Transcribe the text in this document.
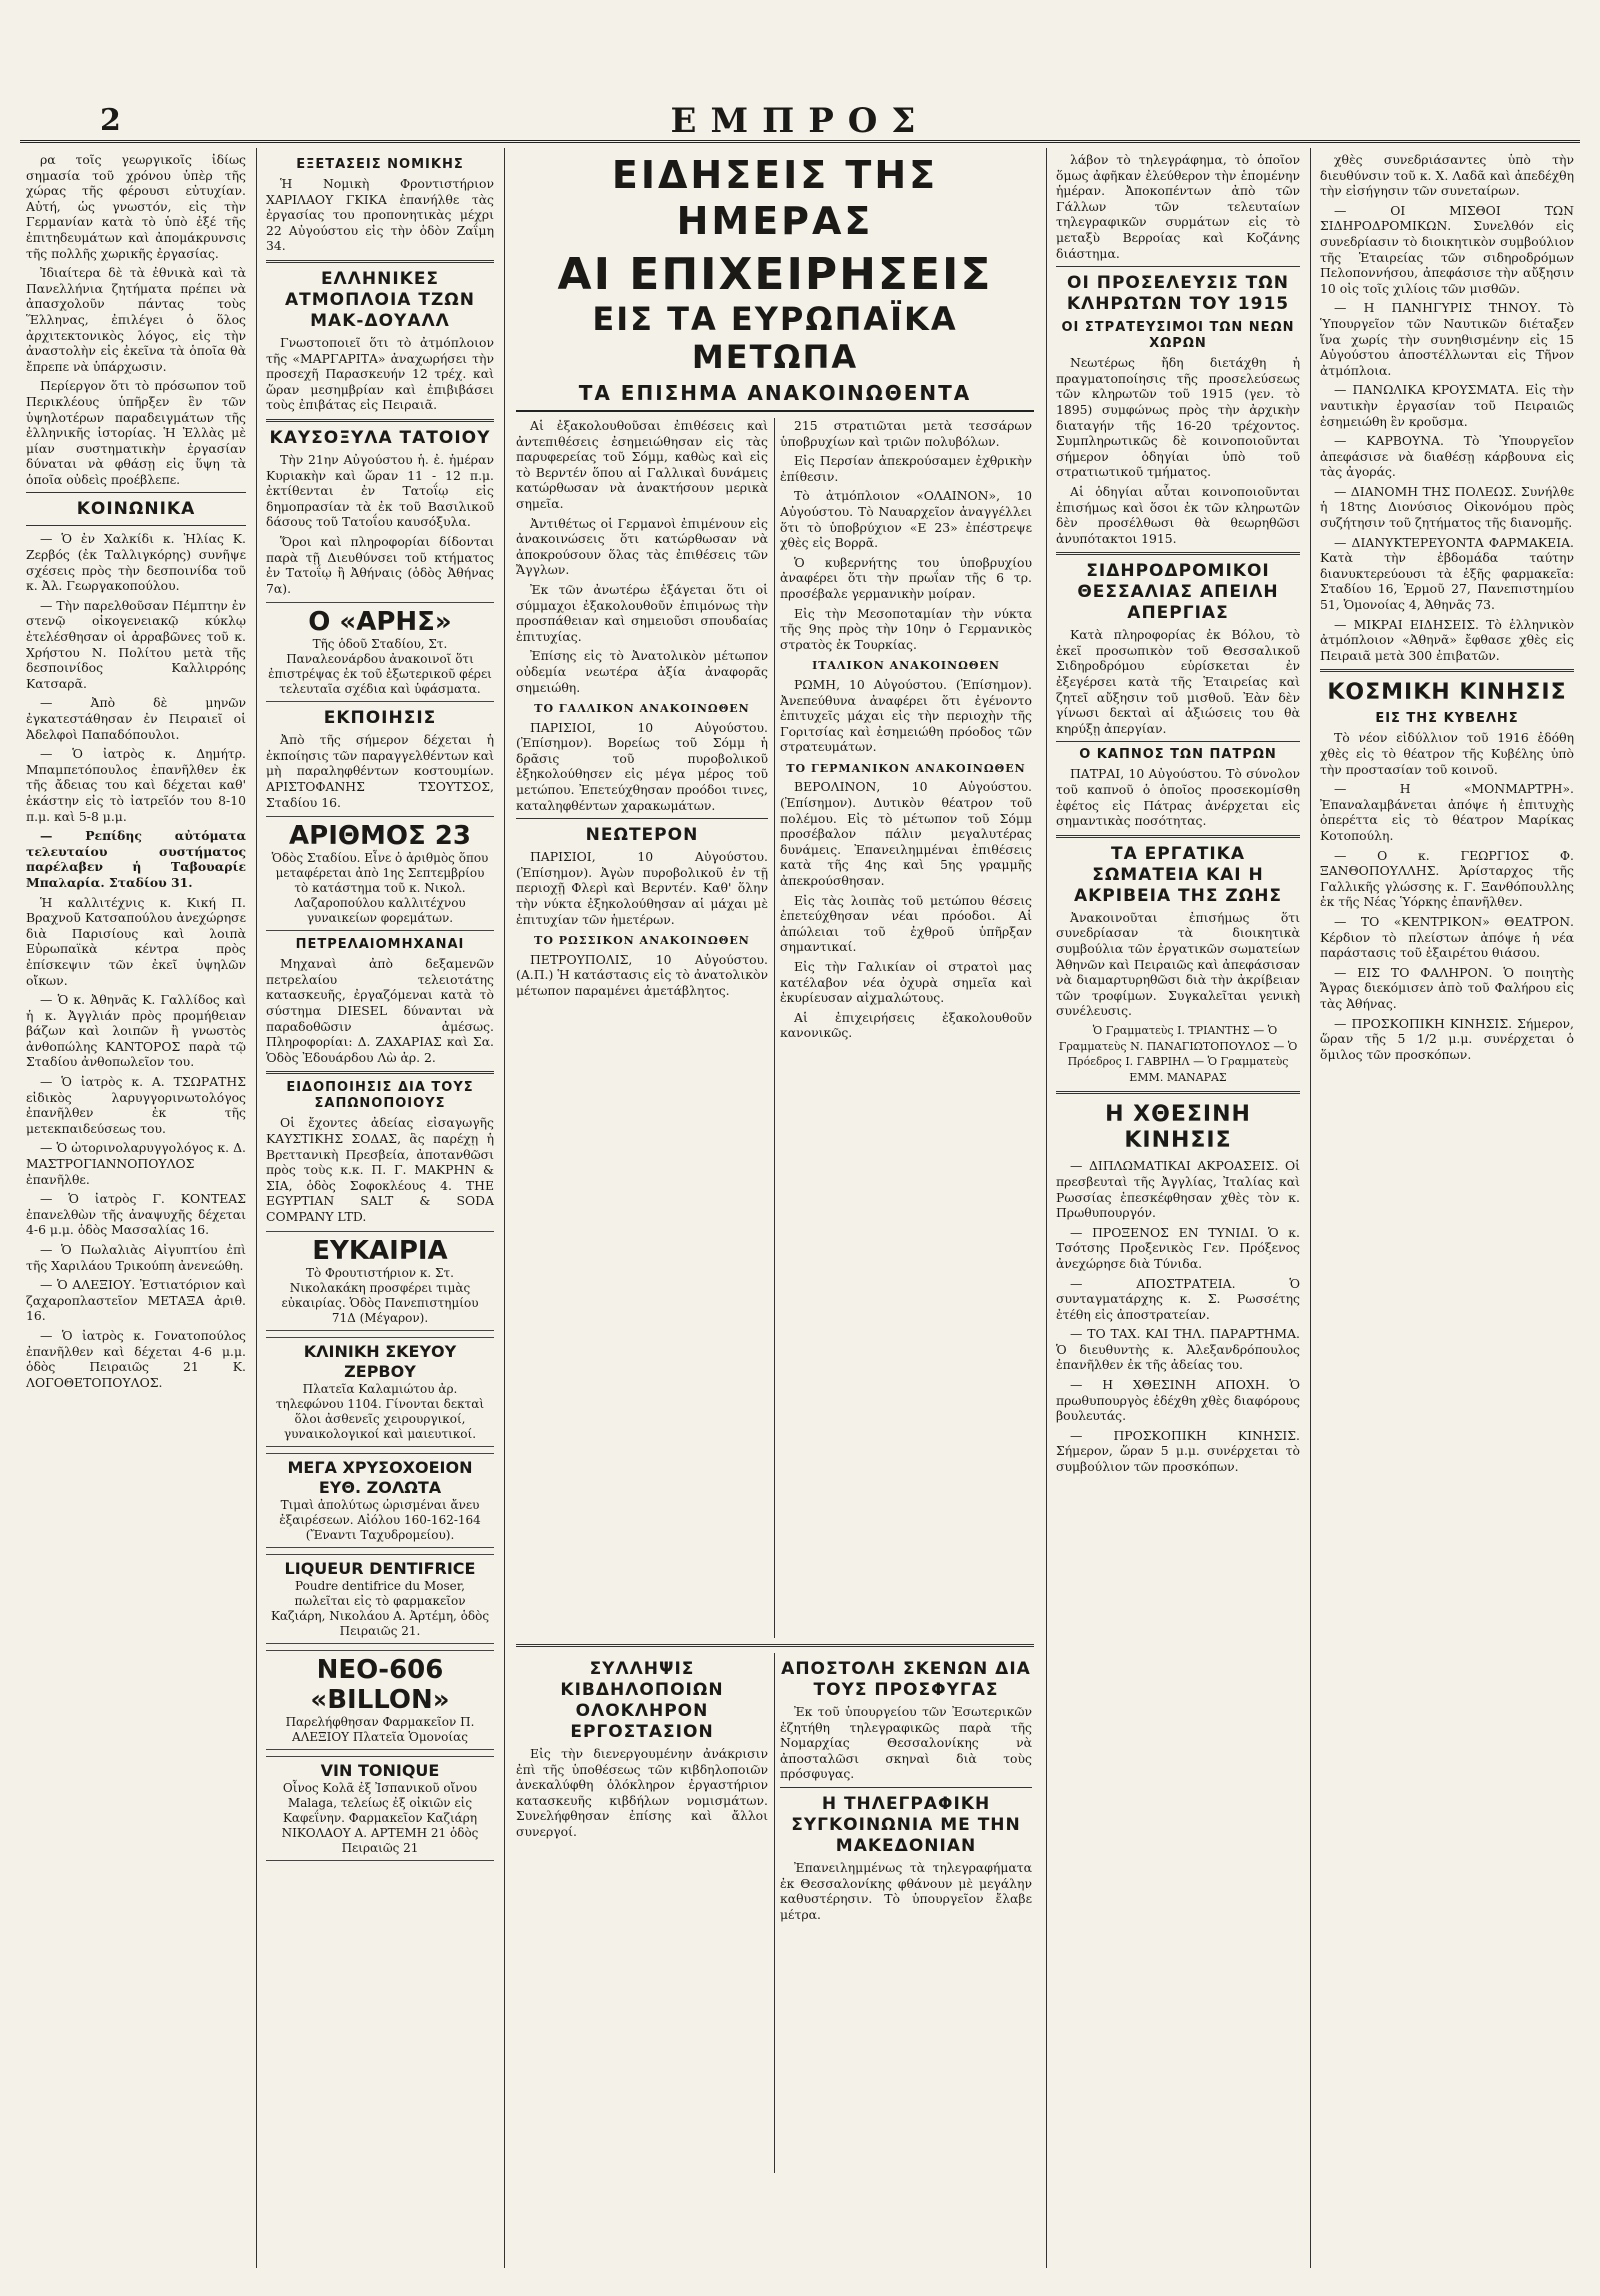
2	ΕΜΠΡΟΣ
ρα τοῖς γεωργικοῖς ἰδίως σημασία τοῦ χρόνου ὑπὲρ τῆς χώρας τῆς φέρουσι εὐτυχίαν. Αὐτή, ὡς γνωστόν, εἰς τὴν Γερμανίαν κατὰ τὸ ὑπὸ ἐξέ τῆς ἐπιτηδευμάτων καὶ ἀπομάκρυνσις τῆς πολλῆς χωρικῆς ἐργασίας.
Ἰδιαίτερα δὲ τὰ ἐθνικὰ καὶ τὰ Πανελλήνια ζητήματα πρέπει νὰ ἀπασχολοῦν πάντας τοὺς Ἕλληνας, ἐπιλέγει ὁ ὅλος ἀρχιτεκτονικὸς λόγος, εἰς τὴν ἀναστολὴν εἰς ἐκεῖνα τὰ ὁποῖα θὰ ἔπρεπε νὰ ὑπάρχωσιν.
Περίεργον ὅτι τὸ πρόσωπον τοῦ Περικλέους ὑπῆρξεν ἓν τῶν ὑψηλοτέρων παραδειγμάτων τῆς ἐλληνικῆς ἱστορίας. Ἡ Ἑλλὰς μὲ μίαν συστηματικὴν ἐργασίαν δύναται νὰ φθάσῃ εἰς ὕψη τὰ ὁποῖα οὐδεὶς προέβλεπε.
ΚΟΙΝΩΝΙΚΑ
— Ὁ ἐν Χαλκίδι κ. Ἠλίας Κ. Ζερβός (ἐκ Ταλλιγκόρης) συνῆψε σχέσεις πρὸς τὴν δεσποινίδα τοῦ κ. Ἀλ. Γεωργακοπούλου.
— Τὴν παρελθοῦσαν Πέμπτην ἐν στενῷ οἰκογενειακῷ κύκλῳ ἐτελέσθησαν οἱ ἀρραβῶνες τοῦ κ. Χρήστου Ν. Πολίτου μετὰ τῆς δεσποινίδος Καλλιρρόης Κατσαρᾶ.
— Ἀπὸ δὲ μηνῶν ἐγκατεστάθησαν ἐν Πειραιεῖ οἱ Ἀδελφοὶ Παπαδόπουλοι.
— Ὁ ἰατρὸς κ. Δημήτρ. Μπαμπετόπουλος ἐπανῆλθεν ἐκ τῆς ἄδειας του καὶ δέχεται καθ' ἑκάστην εἰς τὸ ἰατρεῖόν του 8-10 π.μ. καὶ 5-8 μ.μ.
— Ρεπίδης αὐτόματα τελευταίου συστήματος παρέλαβεν ἡ Ταβουαρίε Μπαλαρία. Σταδίου 31.
Ἡ καλλιτέχνις κ. Κική Π. Βραχνοῦ Κατσαπούλου ἀνεχώρησε διὰ Παρισίους καὶ λοιπὰ Εὐρωπαϊκὰ κέντρα πρὸς ἐπίσκεψιν τῶν ἐκεῖ ὑψηλῶν οἴκων.
— Ὁ κ. Ἀθηνᾶς Κ. Γαλλίδος καὶ ἡ κ. Ἀγγλιάν πρὸς προμήθειαν βάζων καὶ λοιπῶν ἢ γνωστὸς ἀνθοπώλης ΚΑΝΤΟΡΟΣ παρὰ τῷ Σταδίου ἀνθοπωλεῖον του.
— Ὁ ἰατρὸς κ. Α. ΤΣΩΡΑΤΗΣ εἰδικὸς λαρυγγορινωτολόγος ἐπανῆλθεν ἐκ τῆς μετεκπαιδεύσεως του.
— Ὁ ὠτορινολαρυγγολόγος κ. Δ. ΜΑΣΤΡΟΓΙΑΝΝΟΠΟΥΛΟΣ ἐπανῆλθε.
— Ὁ ἰατρὸς Γ. ΚΟΝΤΕΑΣ ἐπανελθὼν τῆς ἀναψυχῆς δέχεται 4-6 μ.μ. ὁδὸς Μασσαλίας 16.
— Ὁ Πωλαλιὰς Αἰγυπτίου ἐπὶ τῆς Χαριλάου Τρικούπη ἀνενεώθη.
— Ὁ ΑΛΕΞΙΟΥ. Ἐστιατόριον καὶ ζαχαροπλαστεῖον ΜΕΤΑΞΑ ἀριθ. 16.
— Ὁ ἰατρὸς κ. Γονατοπούλος ἐπανῆλθεν καὶ δέχεται 4-6 μ.μ. ὁδὸς Πειραιῶς 21 Κ. ΛΟΓΟΘΕΤΟΠΟΥΛΟΣ.
ΕΞΕΤΑΣΕΙΣ ΝΟΜΙΚΗΣ
Ἡ Νομικὴ Φροντιστήριον ΧΑΡΙΛΑΟΥ ΓΚΙΚΑ ἐπανήλθε τὰς ἐργασίας του προπονητικὰς μέχρι 22 Αὐγούστου εἰς τὴν ὁδὸν Ζαΐμη 34.
ΕΛΛΗΝΙΚΕΣ ΑΤΜΟΠΛΟΙΑ ΤΖΩΝ ΜΑΚ-ΔΟΥΑΛΛ
Γνωστοποιεῖ ὅτι τὸ ἀτμόπλοιον τῆς «ΜΑΡΓΑΡΙΤΑ» ἀναχωρήσει τὴν προσεχῆ Παρασκευήν 12 τρέχ. καὶ ὥραν μεσημβρίαν καὶ ἐπιβιβάσει τοὺς ἐπιβάτας εἰς Πειραιᾶ.
ΚΑΥΣΟΞΥΛΑ ΤΑΤΟΙΟΥ
Τὴν 21ην Αὐγούστου ἡ. ἐ. ἡμέραν Κυριακὴν καὶ ὥραν 11 - 12 π.μ. ἐκτίθενται ἐν Τατοΐῳ εἰς δημοπρασίαν τὰ ἐκ τοῦ Βασιλικοῦ δάσους τοῦ Τατοΐου καυσόξυλα.
Ὅροι καὶ πληροφορίαι δίδονται παρὰ τῇ Διευθύνσει τοῦ κτήματος ἐν Τατοΐῳ ἢ Ἀθήναις (ὁδὸς Ἀθήνας 7α).
Ο «ΑΡΗΣ»
Τῆς ὁδοῦ Σταδίου, Στ. Παναλεονάρδου ἀνακοινοῖ ὅτι ἐπιστρέψας ἐκ τοῦ ἐξωτερικοῦ φέρει τελευταῖα σχέδια καὶ ὑφάσματα.
ΕΚΠΟΙΗΣΙΣ
Ἀπὸ τῆς σήμερον δέχεται ἡ ἐκποίησις τῶν παραγγελθέντων καὶ μὴ παραληφθέντων κοστουμίων. ΑΡΙΣΤΟΦΑΝΗΣ ΤΣΟΥΤΣΟΣ, Σταδίου 16.
ΑΡΙΘΜΟΣ 23
Ὁδὸς Σταδίου. Εἶνε ὁ ἀριθμὸς ὅπου μεταφέρεται ἀπὸ 1ης Σεπτεμβρίου τὸ κατάστημα τοῦ κ. Νικολ. Λαζαροπούλου καλλιτέχνου γυναικείων φορεμάτων.
ΠΕΤΡΕΛΑΙΟΜΗΧΑΝΑΙ
Μηχαναὶ ἀπὸ δεξαμενῶν πετρελαίου τελειοτάτης κατασκευῆς, ἐργαζόμεναι κατὰ τὸ σύστημα DIESEL δύνανται νὰ παραδοθῶσιν ἀμέσως. Πληροφορίαι: Δ. ΖΑΧΑΡΙΑΣ καὶ Σα. Ὁδὸς Ἐδουάρδου Λὼ ἀρ. 2.
ΕΙΔΟΠΟΙΗΣΙΣ ΔΙΑ ΤΟΥΣ ΣΑΠΩΝΟΠΟΙΟΥΣ
Οἱ ἔχοντες ἀδείας εἰσαγωγῆς ΚΑΥΣΤΙΚΗΣ ΣΟΔΑΣ, ἃς παρέχῃ ἡ Βρεττανικὴ Πρεσβεία, ἀποτανθῶσι πρὸς τοὺς κ.κ. Π. Γ. ΜΑΚΡΗΝ & ΣΙΑ, ὁδὸς Σοφοκλέους 4. THE EGYPTIAN SALT & SODA COMPANY LTD.
ΕΥΚΑΙΡΙΑ
Τὸ Φρουτιστήριον κ. Στ. Νικολακάκη προσφέρει τιμὰς εὐκαιρίας. Ὁδὸς Πανεπιστημίου 71Δ (Μέγαρον).
ΚΛΙΝΙΚΗ ΣΚΕΥΟΥ ΖΕΡΒΟΥ
Πλατεῖα Καλαμιώτου ἀρ. τηλεφώνου 1104. Γίνονται δεκταὶ ὅλοι ἀσθενεῖς χειρουργικοί, γυναικολογικοί καὶ μαιευτικοί.
ΜΕΓΑ ΧΡΥΣΟΧΟΕΙΟΝ ΕΥΘ. ΖΟΛΩΤΑ
Τιμαὶ ἀπολύτως ὡρισμέναι ἄνευ ἐξαιρέσεων. Αἰόλου 160-162-164 (Ἔναντι Ταχυδρομείου).
LIQUEUR DENTIFRICE
Poudre dentifrice du Moser, πωλεῖται εἰς τὸ φαρμακεῖον Καζιάρη, Νικολάου Α. Ἀρτέμη, ὁδὸς Πειραιῶς 21.
ΝΕΟ-606 «BILLON»
Παρελήφθησαν Φαρμακεῖον Π. ΑΛΕΞΙΟΥ Πλατεῖα Ὁμονοίας
VIN TONIQUE
Οἶνος Κολᾶ ἐξ Ἰσπανικοῦ οἴνου Malaga, τελείως ἐξ οἰκιῶν εἰς Καφεΐνην. Φαρμακεῖον Καζιάρη ΝΙΚΟΛΑΟΥ Α. ΑΡΤΕΜΗ 21 ὁδὸς Πειραιῶς 21
ΕΙΔΗΣΕΙΣ ΤΗΣ ΗΜΕΡΑΣ
ΑΙ ΕΠΙΧΕΙΡΗΣΕΙΣ
ΕΙΣ ΤΑ ΕΥΡΩΠΑΪΚΑ ΜΕΤΩΠΑ
ΤΑ ΕΠΙΣΗΜΑ ΑΝΑΚΟΙΝΩΘΕΝΤΑ
Αἱ ἐξακολουθοῦσαι ἐπιθέσεις καὶ ἀντεπιθέσεις ἐσημειώθησαν εἰς τὰς παρυφερείας τοῦ Σόμμ, καθὼς καὶ εἰς τὸ Βερντέν ὅπου αἱ Γαλλικαὶ δυνάμεις κατώρθωσαν νὰ ἀνακτήσουν μερικὰ σημεῖα.
Ἀντιθέτως οἱ Γερμανοὶ ἐπιμένουν εἰς ἀνακοινώσεις ὅτι κατώρθωσαν νὰ ἀποκρούσουν ὅλας τὰς ἐπιθέσεις τῶν Ἄγγλων.
Ἐκ τῶν ἀνωτέρω ἐξάγεται ὅτι οἱ σύμμαχοι ἐξακολουθοῦν ἐπιμόνως τὴν προσπάθειαν καὶ σημειοῦσι σπουδαίας ἐπιτυχίας.
Ἐπίσης εἰς τὸ Ἀνατολικὸν μέτωπον οὐδεμία νεωτέρα ἀξία ἀναφορᾶς σημειώθη.
ΤΟ ΓΑΛΛΙΚΟΝ ΑΝΑΚΟΙΝΩΘΕΝ
ΠΑΡΙΣΙΟΙ, 10 Αὐγούστου. (Ἐπίσημον). Βορείως τοῦ Σόμμ ἡ δρᾶσις τοῦ πυροβολικοῦ ἐξηκολούθησεν εἰς μέγα μέρος τοῦ μετώπου. Ἐπετεύχθησαν προόδοι τινες, καταληφθέντων χαρακωμάτων.
ΝΕΩΤΕΡΟΝ
ΠΑΡΙΣΙΟΙ, 10 Αὐγούστου. (Ἐπίσημον). Ἀγὼν πυροβολικοῦ ἐν τῇ περιοχῇ Φλερὶ καὶ Βερντέν. Καθ' ὅλην τὴν νύκτα ἐξηκολούθησαν αἱ μάχαι μὲ ἐπιτυχίαν τῶν ἡμετέρων.
ΤΟ ΡΩΣΣΙΚΟΝ ΑΝΑΚΟΙΝΩΘΕΝ
ΠΕΤΡΟΥΠΟΛΙΣ, 10 Αὐγούστου. (Α.Π.) Ἡ κατάστασις εἰς τὸ ἀνατολικὸν μέτωπον παραμένει ἀμετάβλητος.
215 στρατιῶται μετὰ τεσσάρων ὑποβρυχίων καὶ τριῶν πολυβόλων.
Εἰς Περσίαν ἀπεκρούσαμεν ἐχθρικὴν ἐπίθεσιν.
Τὸ ἀτμόπλοιον «ΟΛΑΙΝΟΝ», 10 Αὐγούστου. Τὸ Ναυαρχεῖον ἀναγγέλλει ὅτι τὸ ὑποβρύχιον «Ε 23» ἐπέστρεψε χθὲς εἰς Βορρᾶ.
Ὁ κυβερνήτης του ὑποβρυχίου ἀναφέρει ὅτι τὴν πρωΐαν τῆς 6 τρ. προσέβαλε γερμανικὴν μοίραν.
Εἰς τὴν Μεσοποταμίαν τὴν νύκτα τῆς 9ης πρὸς τὴν 10ην ὁ Γερμανικὸς στρατὸς ἐκ Τουρκίας.
ΙΤΑΛΙΚΟΝ ΑΝΑΚΟΙΝΩΘΕΝ
ΡΩΜΗ, 10 Αὐγούστου. (Ἐπίσημον). Ἀνεπεύθυνα ἀναφέρει ὅτι ἐγένοντο ἐπιτυχεῖς μάχαι εἰς τὴν περιοχὴν τῆς Γοριτσίας καὶ ἐσημειώθη πρόοδος τῶν στρατευμάτων.
ΤΟ ΓΕΡΜΑΝΙΚΟΝ ΑΝΑΚΟΙΝΩΘΕΝ
ΒΕΡΟΛΙΝΟΝ, 10 Αὐγούστου. (Ἐπίσημον). Δυτικὸν θέατρον τοῦ πολέμου. Εἰς τὸ μέτωπον τοῦ Σόμμ προσέβαλον πάλιν μεγαλυτέρας δυνάμεις. Ἐπανειλημμέναι ἐπιθέσεις κατὰ τῆς 4ης καὶ 5ης γραμμῆς ἀπεκρούσθησαν.
Εἰς τὰς λοιπὰς τοῦ μετώπου θέσεις ἐπετεύχθησαν νέαι πρόοδοι. Αἱ ἀπώλειαι τοῦ ἐχθροῦ ὑπῆρξαν σημαντικαί.
Εἰς τὴν Γαλικίαν οἱ στρατοὶ μας κατέλαβον νέα ὀχυρὰ σημεῖα καὶ ἐκυρίευσαν αἰχμαλώτους.
Αἱ ἐπιχειρήσεις ἐξακολουθοῦν κανονικῶς.
ΣΥΛΛΗΨΙΣ ΚΙΒΔΗΛΟΠΟΙΩΝ ΟΛΟΚΛΗΡΟΝ ΕΡΓΟΣΤΑΣΙΟΝ
Εἰς τὴν διενεργουμένην ἀνάκρισιν ἐπὶ τῆς ὑποθέσεως τῶν κιβδηλοποιῶν ἀνεκαλύφθη ὁλόκληρον ἐργαστήριον κατασκευῆς κιβδήλων νομισμάτων. Συνελήφθησαν ἐπίσης καὶ ἄλλοι συνεργοί.
ΑΠΟΣΤΟΛΗ ΣΚΕΝΩΝ ΔΙΑ ΤΟΥΣ ΠΡΟΣΦΥΓΑΣ
Ἐκ τοῦ ὑπουργείου τῶν Ἐσωτερικῶν ἐζητήθη τηλεγραφικῶς παρὰ τῆς Νομαρχίας Θεσσαλονίκης νὰ ἀποσταλῶσι σκηναὶ διὰ τοὺς πρόσφυγας.
Η ΤΗΛΕΓΡΑΦΙΚΗ ΣΥΓΚΟΙΝΩΝΙΑ ΜΕ ΤΗΝ ΜΑΚΕΔΟΝΙΑΝ
Ἐπανειλημμένως τὰ τηλεγραφήματα ἐκ Θεσσαλονίκης φθάνουν μὲ μεγάλην καθυστέρησιν. Τὸ ὑπουργεῖον ἔλαβε μέτρα.
λάβον τὸ τηλεγράφημα, τὸ ὁποῖον ὅμως ἀφῆκαν ἐλεύθερον τὴν ἑπομένην ἡμέραν. Ἀποκοπέντων ἀπὸ τῶν Γάλλων τῶν τελευταίων τηλεγραφικῶν συρμάτων εἰς τὸ μεταξὺ Βερροίας καὶ Κοζάνης διάστημα.
ΟΙ ΠΡΟΣΕΛΕΥΣΙΣ ΤΩΝ ΚΛΗΡΩΤΩΝ ΤΟΥ 1915
ΟΙ ΣΤΡΑΤΕΥΣΙΜΟΙ ΤΩΝ ΝΕΩΝ ΧΩΡΩΝ
Νεωτέρως ἤδη διετάχθη ἡ πραγματοποίησις τῆς προσελεύσεως τῶν κληρωτῶν τοῦ 1915 (γεν. τὸ 1895) συμφώνως πρὸς τὴν ἀρχικὴν διαταγήν τῆς 16-20 τρέχοντος. Συμπληρωτικῶς δὲ κοινοποιοῦνται σήμερον ὁδηγίαι ὑπὸ τοῦ στρατιωτικοῦ τμήματος.
Αἱ ὁδηγίαι αὗται κοινοποιοῦνται ἐπισήμως καὶ ὅσοι ἐκ τῶν κληρωτῶν δὲν προσέλθωσι θὰ θεωρηθῶσι ἀνυπότακτοι 1915.
ΣΙΔΗΡΟΔΡΟΜΙΚΟΙ ΘΕΣΣΑΛΙΑΣ ΑΠΕΙΛΗ ΑΠΕΡΓΙΑΣ
Κατὰ πληροφορίας ἐκ Βόλου, τὸ ἐκεῖ προσωπικὸν τοῦ Θεσσαλικοῦ Σιδηροδρόμου εὑρίσκεται ἐν ἐξεγέρσει κατὰ τῆς Ἑταιρείας καὶ ζητεῖ αὔξησιν τοῦ μισθοῦ. Ἐὰν δὲν γίνωσι δεκταὶ αἱ ἀξιώσεις του θὰ κηρύξῃ ἀπεργίαν.
Ο ΚΑΠΝΟΣ ΤΩΝ ΠΑΤΡΩΝ
ΠΑΤΡΑΙ, 10 Αὐγούστου. Τὸ σύνολον τοῦ καπνοῦ ὁ ὁποῖος προσεκομίσθη ἐφέτος εἰς Πάτρας ἀνέρχεται εἰς σημαντικὰς ποσότητας.
ΤΑ ΕΡΓΑΤΙΚΑ ΣΩΜΑΤΕΙΑ ΚΑΙ Η ΑΚΡΙΒΕΙΑ ΤΗΣ ΖΩΗΣ
Ἀνακοινοῦται ἐπισήμως ὅτι συνεδρίασαν τὰ διοικητικὰ συμβούλια τῶν ἐργατικῶν σωματείων Ἀθηνῶν καὶ Πειραιῶς καὶ ἀπεφάσισαν νὰ διαμαρτυρηθῶσι διὰ τὴν ἀκρίβειαν τῶν τροφίμων. Συγκαλεῖται γενικὴ συνέλευσις.
Ὁ Γραμματεὺς Ι. ΤΡΙΑΝΤΗΣ — Ὁ Γραμματεὺς Ν. ΠΑΝΑΓΙΩΤΟΠΟΥΛΟΣ — Ὁ Πρόεδρος Ι. ΓΑΒΡΙΗΛ — Ὁ Γραμματεὺς ΕΜΜ. ΜΑΝΑΡΑΣ
Η ΧΘΕΣΙΝΗ ΚΙΝΗΣΙΣ
— ΔΙΠΛΩΜΑΤΙΚΑΙ ΑΚΡΟΑΣΕΙΣ. Οἱ πρεσβευταὶ τῆς Ἀγγλίας, Ἰταλίας καὶ Ρωσσίας ἐπεσκέφθησαν χθὲς τὸν κ. Πρωθυπουργόν.
— ΠΡΟΞΕΝΟΣ ΕΝ ΤΥΝΙΔΙ. Ὁ κ. Τσότσης Προξενικὸς Γεν. Πρόξενος ἀνεχώρησε διὰ Τύνιδα.
— ΑΠΟΣΤΡΑΤΕΙΑ. Ὁ συνταγματάρχης κ. Σ. Ρωσσέτης ἐτέθη εἰς ἀποστρατείαν.
— ΤΟ ΤΑΧ. ΚΑΙ ΤΗΛ. ΠΑΡΑΡΤΗΜΑ. Ὁ διευθυντὴς κ. Ἀλεξανδρόπουλος ἐπανῆλθεν ἐκ τῆς ἀδείας του.
— Η ΧΘΕΣΙΝΗ ΑΠΟΧΗ. Ὁ πρωθυπουργὸς ἐδέχθη χθὲς διαφόρους βουλευτάς.
— ΠΡΟΣΚΟΠΙΚΗ ΚΙΝΗΣΙΣ. Σήμερον, ὥραν 5 μ.μ. συνέρχεται τὸ συμβούλιον τῶν προσκόπων.
χθὲς συνεδριάσαντες ὑπὸ τὴν διευθύνσιν τοῦ κ. Χ. Λαδᾶ καὶ ἀπεδέχθη τὴν εἰσήγησιν τῶν συνεταίρων.
— ΟΙ ΜΙΣΘΟΙ ΤΩΝ ΣΙΔΗΡΟΔΡΟΜΙΚΩΝ. Συνελθόν εἰς συνεδρίασιν τὸ διοικητικὸν συμβούλιον τῆς Ἑταιρείας τῶν σιδηροδρόμων Πελοποννήσου, ἀπεφάσισε τὴν αὔξησιν 10 οἰς τοῖς χιλίοις τῶν μισθῶν.
— Η ΠΑΝΗΓΥΡΙΣ ΤΗΝΟΥ. Τὸ Ὑπουργεῖον τῶν Ναυτικῶν διέταξεν ἵνα χωρίς τὴν συνηθισμένην εἰς 15 Αὐγούστου ἀποστέλλωνται εἰς Τῆνον ἀτμόπλοια.
— ΠΑΝΩΛΙΚΑ ΚΡΟΥΣΜΑΤΑ. Εἰς τὴν ναυτικὴν ἐργασίαν τοῦ Πειραιῶς ἐσημειώθη ἓν κροῦσμα.
— ΚΑΡΒΟΥΝΑ. Τὸ Ὑπουργεῖον ἀπεφάσισε νὰ διαθέσῃ κάρβουνα εἰς τὰς ἀγοράς.
— ΔΙΑΝΟΜΗ ΤΗΣ ΠΟΛΕΩΣ. Συνήλθε ἡ 18της Διονύσιος Οἰκονόμου πρὸς συζήτησιν τοῦ ζητήματος τῆς διανομῆς.
— ΔΙΑΝΥΚΤΕΡΕΥΟΝΤΑ ΦΑΡΜΑΚΕΙΑ. Κατὰ τὴν ἐβδομάδα ταύτην διανυκτερεύουσι τὰ ἑξῆς φαρμακεῖα: Σταδίου 16, Ἑρμοῦ 27, Πανεπιστημίου 51, Ὁμονοίας 4, Ἀθηνᾶς 73.
— ΜΙΚΡΑΙ ΕΙΔΗΣΕΙΣ. Τὸ ἑλληνικὸν ἀτμόπλοιον «Ἀθηνᾶ» ἔφθασε χθὲς εἰς Πειραιᾶ μετὰ 300 ἐπιβατῶν.
ΚΟΣΜΙΚΗ ΚΙΝΗΣΙΣ
ΕΙΣ ΤΗΣ ΚΥΒΕΛΗΣ
Τὸ νέον εἰδύλλιον τοῦ 1916 ἐδόθη χθὲς εἰς τὸ θέατρον τῆς Κυβέλης ὑπὸ τὴν προστασίαν τοῦ κοινοῦ.
— Η «ΜΟΝΜΑΡΤΡΗ». Ἐπαναλαμβάνεται ἀπόψε ἡ ἐπιτυχὴς ὀπερέττα εἰς τὸ θέατρον Μαρίκας Κοτοπούλη.
— Ο κ. ΓΕΩΡΓΙΟΣ Φ. ΞΑΝΘΟΠΟΥΛΛΗΣ. Ἀρίσταρχος τῆς Γαλλικῆς γλώσσης κ. Γ. Ξανθόπουλλης ἐκ τῆς Νέας Ὑόρκης ἐπανῆλθεν.
— ΤΟ «ΚΕΝΤΡΙΚΟΝ» ΘΕΑΤΡΟΝ. Κέρδιον τὸ πλείστων ἀπόψε ἡ νέα παράστασις τοῦ ἐξαιρέτου θιάσου.
— ΕΙΣ ΤΟ ΦΑΛΗΡΟΝ. Ὁ ποιητὴς Ἄγρας διεκόμισεν ἀπὸ τοῦ Φαλήρου εἰς τὰς Ἀθήνας.
— ΠΡΟΣΚΟΠΙΚΗ ΚΙΝΗΣΙΣ. Σήμερον, ὥραν τῆς 5 1/2 μ.μ. συνέρχεται ὁ ὅμιλος τῶν προσκόπων.
